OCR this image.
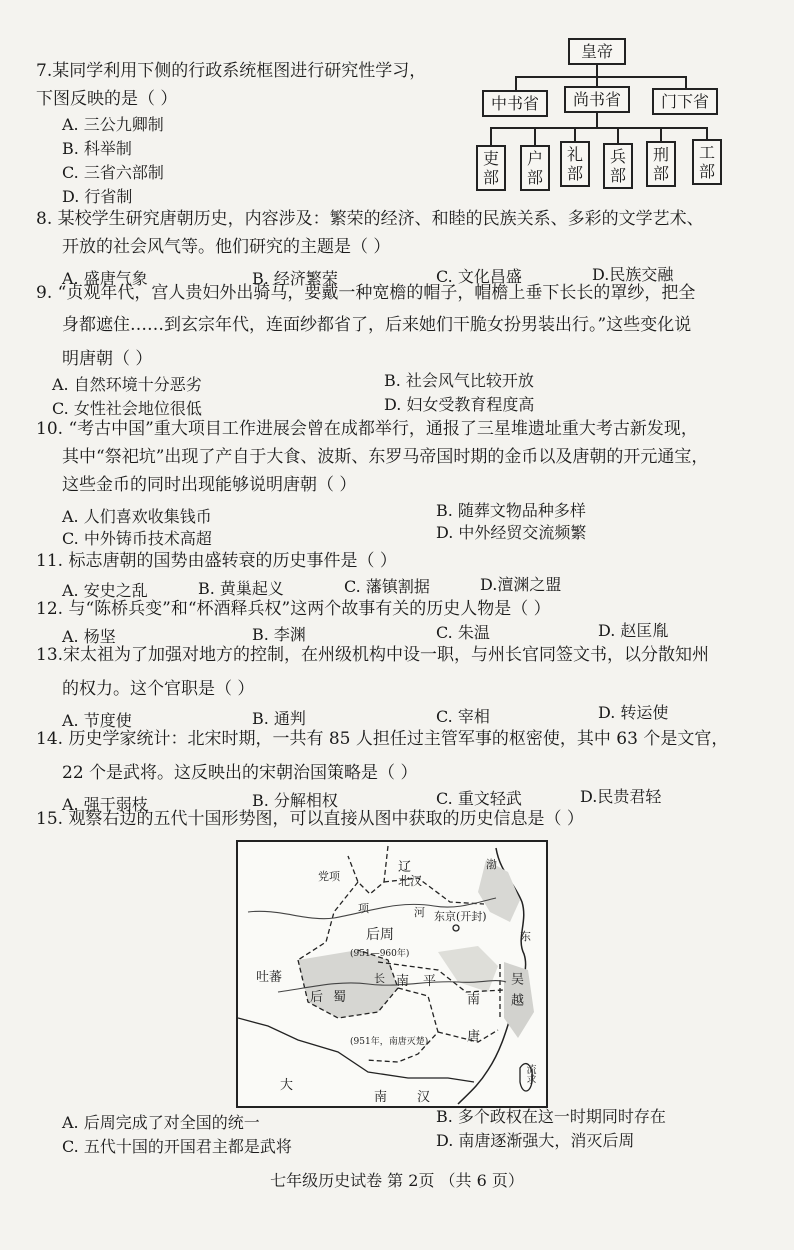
皇帝
中书省	尚书省	门下省
吏部
户部
礼部
兵部
刑部
工部
7.某同学利用下侧的行政系统框图进行研究性学习，
下图反映的是（ ）
A. 三公九卿制
B. 科举制
C. 三省六部制
D. 行省制
8. 某校学生研究唐朝历史，内容涉及：繁荣的经济、和睦的民族关系、多彩的文学艺术、
开放的社会风气等。他们研究的主题是（ ）
A. 盛唐气象	B. 经济繁荣	C. 文化昌盛	D.民族交融
9. “贞观年代，宫人贵妇外出骑马，要戴一种宽檐的帽子，帽檐上垂下长长的罩纱，把全
身都遮住……到玄宗年代，连面纱都省了，后来她们干脆女扮男装出行。”这些变化说
明唐朝（ ）
A. 自然环境十分恶劣	B. 社会风气比较开放
C. 女性社会地位很低	D. 妇女受教育程度高
10. “考古中国”重大项目工作进展会曾在成都举行，通报了三星堆遗址重大考古新发现，
其中“祭祀坑”出现了产自于大食、波斯、东罗马帝国时期的金币以及唐朝的开元通宝，
这些金币的同时出现能够说明唐朝（ ）
A. 人们喜欢收集钱币	B. 随葬文物品种多样
C. 中外铸币技术高超	D. 中外经贸交流频繁
11. 标志唐朝的国势由盛转衰的历史事件是（ ）
A. 安史之乱	B. 黄巢起义	C. 藩镇割据	D.澶渊之盟
12. 与“陈桥兵变”和“杯酒释兵权”这两个故事有关的历史人物是（ ）
A. 杨坚	B. 李渊	C. 朱温	D. 赵匡胤
13.宋太祖为了加强对地方的控制，在州级机构中设一职，与州长官同签文书，以分散知州
的权力。这个官职是（ ）
A. 节度使	B. 通判	C. 宰相	D. 转运使
14. 历史学家统计：北宋时期，一共有 85 人担任过主管军事的枢密使，其中 63 个是文官，
22 个是武将。这反映出的宋朝治国策略是（ ）
A. 强干弱枝	B. 分解相权	C. 重文轻武	D.民贵君轻
15. 观察右边的五代十国形势图，可以直接从图中获取的历史信息是（ ）
辽
北汉
渤
党项
项	河 东京(开封)
后周
(951—960年)
东
吐蕃	长 南平	吴越
后蜀	南唐
(951年，南唐灭楚)
流求
大
南汉
A. 后周完成了对全国的统一	B. 多个政权在这一时期同时存在
C. 五代十国的开国君主都是武将	D. 南唐逐渐强大，消灭后周
七年级历史试卷 第 2页 （共 6 页）
